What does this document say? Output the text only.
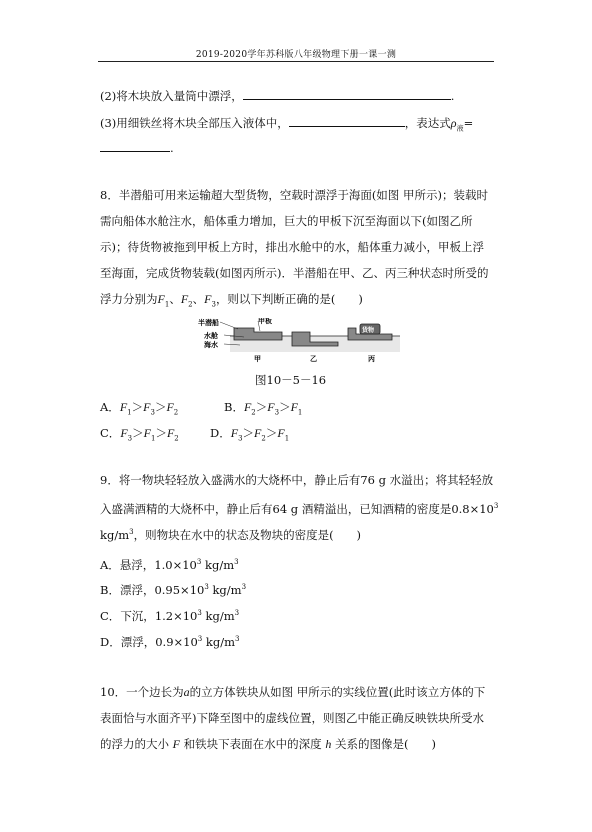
2019-2020学年苏科版八年级物理下册一课一测
(2)将木块放入量筒中漂浮，	.
(3)用细铁丝将木块全部压入液体中，	，表达式$\rho_液=$
.
8．半潜船可用来运输超大型货物，空载时漂浮于海面(如图 甲所示)；装载时
需向船体水舱注水，船体重力增加，巨大的甲板下沉至海面以下(如图乙所
示)；待货物被拖到甲板上方时，排出水舱中的水，船体重力减小，甲板上浮
至海面，完成货物装载(如图丙所示)．半潜船在甲、乙、丙三种状态时所受的
浮力分别为$F_1$、$F_2$、$F_3$，则以下判断正确的是(　　)
半潜船	甲板
水舱
海水
货物
甲	乙	丙
图10－5－16
A．$F_1>F_3>F_2$	B．$F_2>F_3>F_1$
C．$F_3>F_1>F_2$	D．$F_3>F_2>F_1$
9．将一物块轻轻放入盛满水的大烧杯中，静止后有76 g 水溢出；将其轻轻放
入盛满酒精的大烧杯中，静止后有64 g 酒精溢出，已知酒精的密度是$0.8\times 10^3$
$kg/m^3$，则物块在水中的状态及物块的密度是(　　)
A．悬浮，$1.0\times 10^3$ $kg/m^3$
B．漂浮，$0.95\times 10^3$ $kg/m^3$
C．下沉，$1.2\times 10^3$ $kg/m^3$
D．漂浮，$0.9\times 10^3$ $kg/m^3$
10．一个边长为a的立方体铁块从如图 甲所示的实线位置(此时该立方体的下
表面恰与水面齐平)下降至图中的虚线位置，则图乙中能正确反映铁块所受水
的浮力的大小 F 和铁块下表面在水中的深度 h 关系的图像是(　　)
